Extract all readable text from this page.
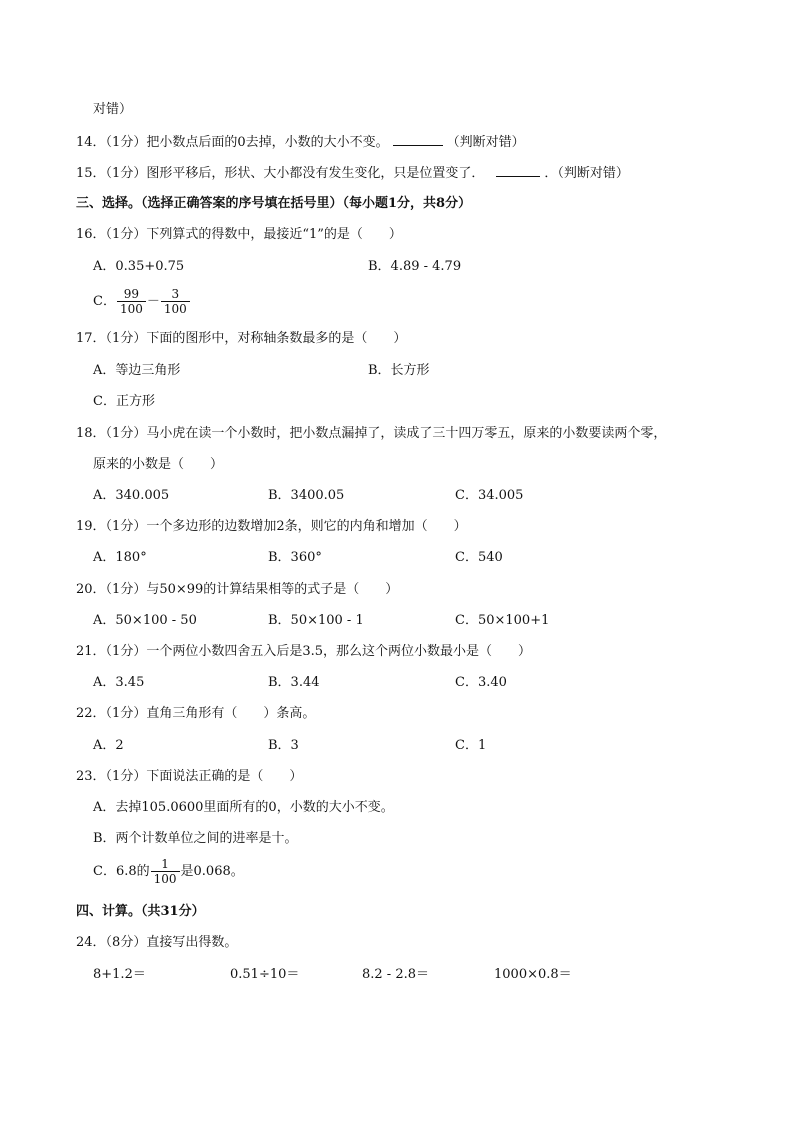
对错）
14．（1分）把小数点后面的0去掉，小数的大小不变。	（判断对错）
15．（1分）图形平移后，形状、大小都没有发生变化，只是位置变了．	．（判断对错）
三、选择。（选择正确答案的序号填在括号里）（每小题1分，共8分）
16．（1分）下列算式的得数中，最接近“1”的是（　　）
A．0.35+0.75	B．4.89 - 4.79
C． $\frac{99}{100} - \frac{3}{100}$
17．（1分）下面的图形中，对称轴条数最多的是（　　）
A．等边三角形	B．长方形
C．正方形
18．（1分）马小虎在读一个小数时，把小数点漏掉了，读成了三十四万零五，原来的小数要读两个零，
原来的小数是（　　）
A．340.005	B．3400.05	C．34.005
19．（1分）一个多边形的边数增加2条，则它的内角和增加（　　）
A．180°	B．360°	C．540
20．（1分）与50×99的计算结果相等的式子是（　　）
A．50×100 - 50	B．50×100 - 1	C．50×100+1
21．（1分）一个两位小数四舍五入后是3.5，那么这个两位小数最小是（　　）
A．3.45	B．3.44	C．3.40
22．（1分）直角三角形有（　　）条高。
A．2	B．3	C．1
23．（1分）下面说法正确的是（　　）
A．去掉105.0600里面所有的0，小数的大小不变。
B．两个计数单位之间的进率是十。
C．6.8的 $\frac{1}{100}$ 是0.068。
四、计算。（共31分）
24．（8分）直接写出得数。
8+1.2＝	0.51÷10＝	8.2 - 2.8＝	1000×0.8＝
